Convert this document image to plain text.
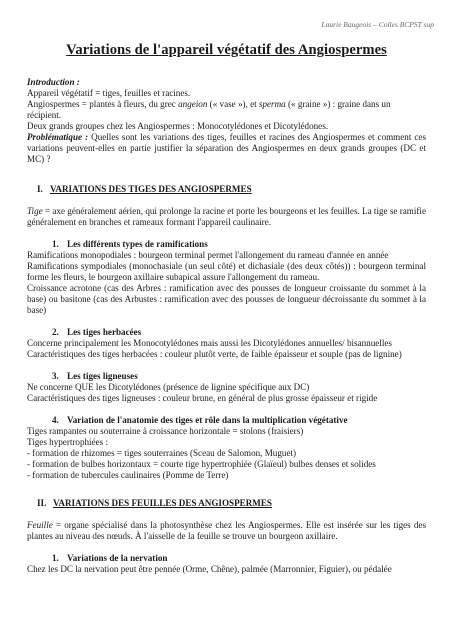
Laurie Baugeois – Colles BCPST sup
Variations de l'appareil végétatif des Angiospermes

Introduction :

Appareil végétatif = tiges, feuilles et racines.

Angiospermes = plantes à fleurs, du grec angeion (« vase »), et sperma (« graine ») : graine dans un récipient.

Deux grands groupes chez les Angiospermes : Monocotylédones et Dicotylédones.

Problématique : Quelles sont les variations des tiges, feuilles et racines des Angiospermes et comment ces variations peuvent-elles en partie justifier la séparation des Angiospermes en deux grands groupes (DC et MC) ?

I. VARIATIONS DES TIGES DES ANGIOSPERMES

Tige = axe généralement aérien, qui prolonge la racine et porte les bourgeons et les feuilles. La tige se ramifie généralement en branches et rameaux formant l'appareil caulinaire.

1. Les différents types de ramifications

Ramifications monopodiales : bourgeon terminal permet l'allongement du rameau d'année en année

Ramifications sympodiales (monochasiale (un seul côté) et dichasiale (des deux côtés)) : bourgeon terminal forme les fleurs, le bourgeon axillaire subapical assure l'allongement du rameau.

Croissance acrotone (cas des Arbres : ramification avec des pousses de longueur croissante du sommet à la base) ou basitone (cas des Arbustes : ramification avec des pousses de longueur décroissante du sommet à la base)

2. Les tiges herbacées

Concerne principalement les Monocotylédones mais aussi les Dicotylédones annuelles/ bisannuelles

Caractéristiques des tiges herbacées : couleur plutôt verte, de faible épaisseur et souple (pas de lignine)

3. Les tiges ligneuses

Ne concerne QUE les Dicotylédones (présence de lignine spécifique aux DC)

Caractéristiques des tiges ligneuses : couleur brune, en général de plus grosse épaisseur et rigide

4. Variation de l'anatomie des tiges et rôle dans la multiplication végétative

Tiges rampantes ou souterraine à croissance horizontale = stolons (fraisiers)

Tiges hypertrophiées :

- formation de rhizomes = tiges souterraines (Sceau de Salomon, Muguet)

- formation de bulbes horizontaux = courte tige hypertrophiée (Glaïeul) bulbes denses et solides

- formation de tubercules caulinaires (Pomme de Terre)

II. VARIATIONS DES FEUILLES DES ANGIOSPERMES

Feuille = organe spécialisé dans la photosynthèse chez les Angiospermes. Elle est insérée sur les tiges des plantes au niveau des nœuds. À l'aisselle de la feuille se trouve un bourgeon axillaire.

1. Variations de la nervation

Chez les DC la nervation peut être pennée (Orme, Chêne), palmée (Marronnier, Figuier), ou pédalée
